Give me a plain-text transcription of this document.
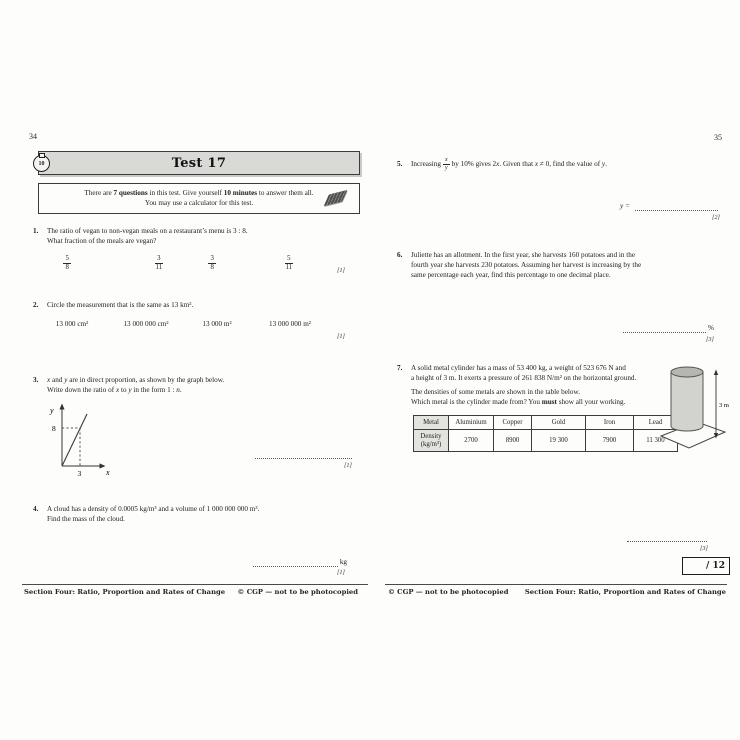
34
Test 17
10
There are 7 questions in this test. Give yourself 10 minutes to answer them all.
You may use a calculator for this test.
1. The ratio of vegan to non-vegan meals on a restaurant’s menu is 3 : 8.
What fraction of the meals are vegan?
$\frac{5}{8}$	$\frac{3}{11}$	$\frac{3}{8}$	$\frac{5}{11}$	[1]
2. Circle the measurement that is the same as 13 km².
13 000 cm²	13 000 000 cm²	13 000 m²	13 000 000 m²
[1]
3. x and y are in direct proportion, as shown by the graph below.
Write down the ratio of x to y in the form 1 : n.
y
x
8
3
[1]
4. A cloud has a density of 0.0005 kg/m³ and a volume of 1 000 000 000 m³.
Find the mass of the cloud.
kg
[1]
Section Four: Ratio, Proportion and Rates of Change © CGP — not to be photocopied
35
5.	Increasing
x
y by 10% gives 2x. Given that x ≠ 0, find the value of y.
y =
[2]
6. Juliette has an allotment. In the first year, she harvests 160 potatoes and in the
fourth year she harvests 230 potatoes. Assuming her harvest is increasing by the
same percentage each year, find this percentage to one decimal place.
%
[3]
7. A solid metal cylinder has a mass of 53 400 kg, a weight of 523 676 N and
a height of 3 m. It exerts a pressure of 261 838 N/m² on the horizontal ground.
The densities of some metals are shown in the table below.
Which metal is the cylinder made from? You must show all your working.
Metal	Aluminium	Copper	Gold	Iron	Lead

Density
(kg/m³)	2700	8900	19 300	7900	11 300
3 m
[3]
/ 12
© CGP — not to be photocopied Section Four: Ratio, Proportion and Rates of Change
